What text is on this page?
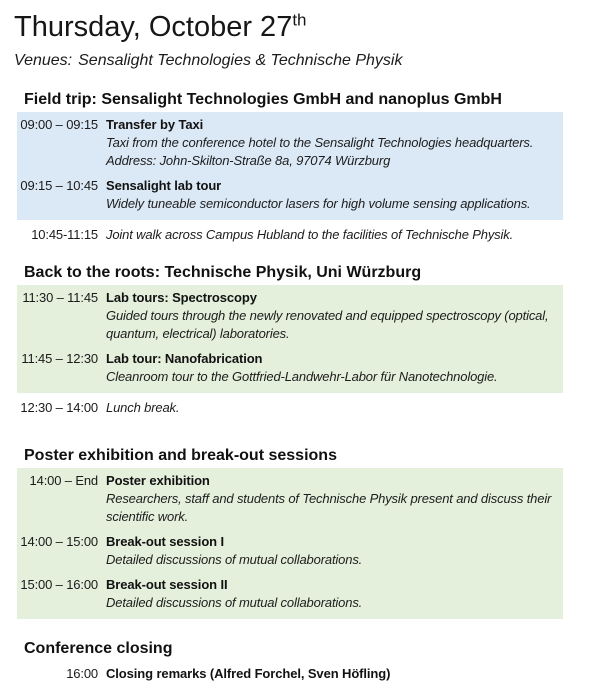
Thursday, October 27th
Venues: Sensalight Technologies & Technische Physik
Field trip: Sensalight Technologies GmbH and nanoplus GmbH
09:00 – 09:15 Transfer by Taxi
Taxi from the conference hotel to the Sensalight Technologies headquarters.
Address: John-Skilton-Straße 8a, 97074 Würzburg
09:15 – 10:45 Sensalight lab tour
Widely tuneable semiconductor lasers for high volume sensing applications.
10:45-11:15 Joint walk across Campus Hubland to the facilities of Technische Physik.
Back to the roots: Technische Physik, Uni Würzburg
11:30 – 11:45 Lab tours: Spectroscopy
Guided tours through the newly renovated and equipped spectroscopy (optical, quantum, electrical) laboratories.
11:45 – 12:30 Lab tour: Nanofabrication
Cleanroom tour to the Gottfried-Landwehr-Labor für Nanotechnologie.
12:30 – 14:00 Lunch break.
Poster exhibition and break-out sessions
14:00 – End Poster exhibition
Researchers, staff and students of Technische Physik present and discuss their scientific work.
14:00 – 15:00 Break-out session I
Detailed discussions of mutual collaborations.
15:00 – 16:00 Break-out session II
Detailed discussions of mutual collaborations.
Conference closing
16:00 Closing remarks (Alfred Forchel, Sven Höfling)
